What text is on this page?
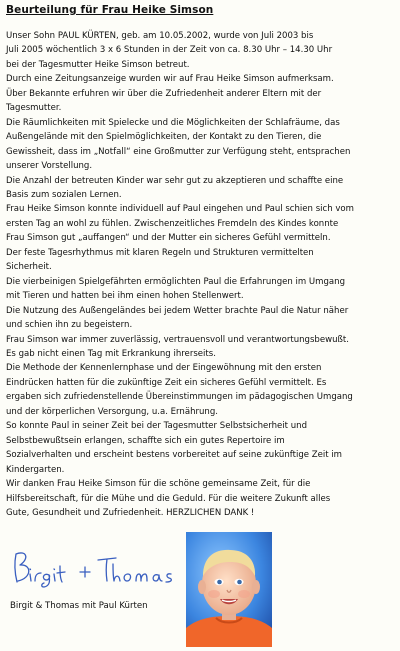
Beurteilung für Frau Heike Simson

Unser Sohn PAUL KÜRTEN, geb. am 10.05.2002, wurde von Juli 2003 bis

Juli 2005 wöchentlich 3 x 6 Stunden in der Zeit von ca. 8.30 Uhr – 14.30 Uhr

bei der Tagesmutter Heike Simson betreut.

Durch eine Zeitungsanzeige wurden wir auf Frau Heike Simson aufmerksam.

Über Bekannte erfuhren wir über die Zufriedenheit anderer Eltern mit der

Tagesmutter.

Die Räumlichkeiten mit Spielecke und die Möglichkeiten der Schlafräume, das

Außengelände mit den Spielmöglichkeiten, der Kontakt zu den Tieren, die

Gewissheit, dass im „Notfall“ eine Großmutter zur Verfügung steht, entsprachen

unserer Vorstellung.

Die Anzahl der betreuten Kinder war sehr gut zu akzeptieren und schaffte eine

Basis zum sozialen Lernen.

Frau Heike Simson konnte individuell auf Paul eingehen und Paul schien sich vom

ersten Tag an wohl zu fühlen. Zwischenzeitliches Fremdeln des Kindes konnte

Frau Simson gut „auffangen“ und der Mutter ein sicheres Gefühl vermitteln.

Der feste Tagesrhythmus mit klaren Regeln und Strukturen vermittelten

Sicherheit.

Die vierbeinigen Spielgefährten ermöglichten Paul die Erfahrungen im Umgang

mit Tieren und hatten bei ihm einen hohen Stellenwert.

Die Nutzung des Außengeländes bei jedem Wetter brachte Paul die Natur näher

und schien ihn zu begeistern.

Frau Simson war immer zuverlässig, vertrauensvoll und verantwortungsbewußt.

Es gab nicht einen Tag mit Erkrankung ihrerseits.

Die Methode der Kennenlernphase und der Eingewöhnung mit den ersten

Eindrücken hatten für die zukünftige Zeit ein sicheres Gefühl vermittelt. Es

ergaben sich zufriedenstellende Übereinstimmungen im pädagogischen Umgang

und der körperlichen Versorgung, u.a. Ernährung.

So konnte Paul in seiner Zeit bei der Tagesmutter Selbstsicherheit und

Selbstbewußtsein erlangen, schaffte sich ein gutes Repertoire im

Sozialverhalten und erscheint bestens vorbereitet auf seine zukünftige Zeit im

Kindergarten.

Wir danken Frau Heike Simson für die schöne gemeinsame Zeit, für die

Hilfsbereitschaft, für die Mühe und die Geduld. Für die weitere Zukunft alles

Gute, Gesundheit und Zufriedenheit. HERZLICHEN DANK !

Birgit & Thomas mit Paul Kürten
